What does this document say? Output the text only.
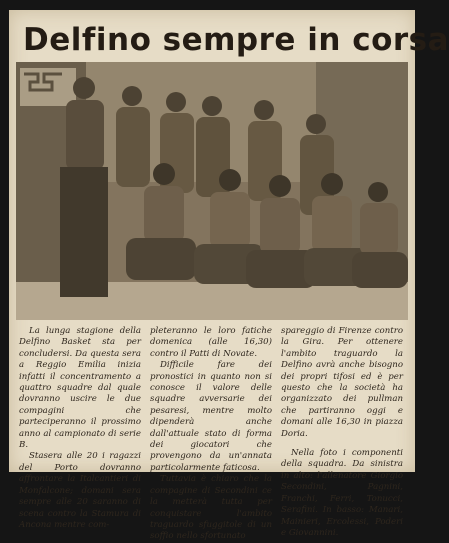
Delfino sempre in corsa

La lunga stagione della Delfino Basket sta per concludersi. Da questa sera a Reggio Emilia inizia infatti il concentramento a quattro squadre dal quale dovranno uscire le due compagini che parteciperanno il prossimo anno al campionato di serie B.

Stasera alle 20 i ragazzi del Porto dovranno affrontare la Italcantieri di Monfalcone; domani sera sempre alle 20 saranno di scena contro la Stamura di Ancona mentre com-

pleteranno le loro fatiche domenica (alle 16,30) contro il Patti di Novate.

Difficile fare dei pronostici in quanto non si conosce il valore delle squadre avversarie dei pesaresi, mentre molto dipenderà anche dall'attuale stato di forma dei giocatori che provengono da un'annata particolarmente faticosa.

Tuttavia è chiaro che la compagine di Secondini ce la metterà tutta per conquistare l'ambito traguardo sfuggitole di un soffio nello sfortunato

spareggio di Firenze contro la Gira. Per ottenere l'ambito traguardo la Delfino avrà anche bisogno dei propri tifosi ed è per questo che la società ha organizzato dei pullman che partiranno oggi e domani alle 16,30 in piazza Doria.

Nella foto i componenti della squadra. Da sinistra in alto: l'allenatore Giorgio Secondini, Pagnini, Franchi, Ferri, Tonucci, Serafini. In basso: Manari, Mainieri, Ercolessi, Poderi e Giovannini.
